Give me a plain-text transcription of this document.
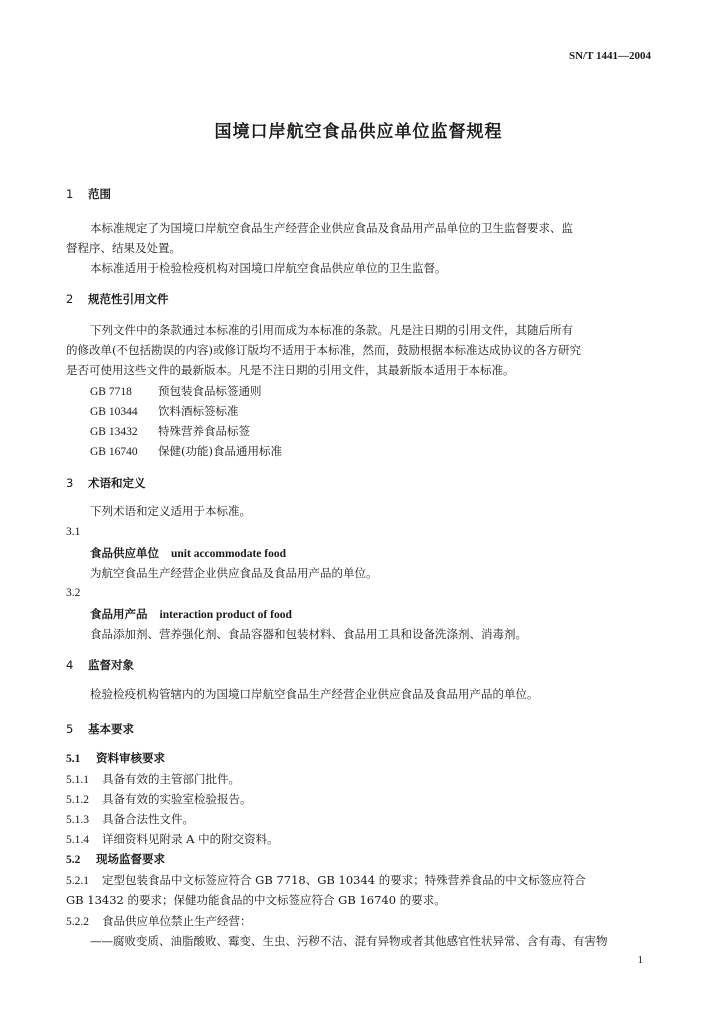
SN/T 1441—2004
国境口岸航空食品供应单位监督规程
1 范围
本标准规定了为国境口岸航空食品生产经营企业供应食品及食品用产品单位的卫生监督要求、监
督程序、结果及处置。
本标准适用于检验检疫机构对国境口岸航空食品供应单位的卫生监督。
2 规范性引用文件
下列文件中的条款通过本标准的引用而成为本标准的条款。凡是注日期的引用文件，其随后所有
的修改单(不包括勘误的内容)或修订版均不适用于本标准，然而，鼓励根据本标准达成协议的各方研究
是否可使用这些文件的最新版本。凡是不注日期的引用文件，其最新版本适用于本标准。
GB 7718 预包装食品标签通则
GB 10344 饮料酒标签标准
GB 13432 特殊营养食品标签
GB 16740 保健(功能)食品通用标准
3 术语和定义
下列术语和定义适用于本标准。
3.1
食品供应单位 unit accommodate food
为航空食品生产经营企业供应食品及食品用产品的单位。
3.2
食品用产品 interaction product of food
食品添加剂、营养强化剂、食品容器和包装材料、食品用工具和设备洗涤剂、消毒剂。
4 监督对象
检验检疫机构管辖内的为国境口岸航空食品生产经营企业供应食品及食品用产品的单位。
5 基本要求
5.1 资料审核要求
5.1.1 具备有效的主管部门批件。
5.1.2 具备有效的实验室检验报告。
5.1.3 具备合法性文件。
5.1.4 详细资料见附录 A 中的附交资料。
5.2 现场监督要求
5.2.1 定型包装食品中文标签应符合 GB 7718、GB 10344 的要求；特殊营养食品的中文标签应符合
GB 13432 的要求；保健功能食品的中文标签应符合 GB 16740 的要求。
5.2.2 食品供应单位禁止生产经营：
——腐败变质、油脂酸败、霉变、生虫、污秽不洁、混有异物或者其他感官性状异常、含有毒、有害物
1
